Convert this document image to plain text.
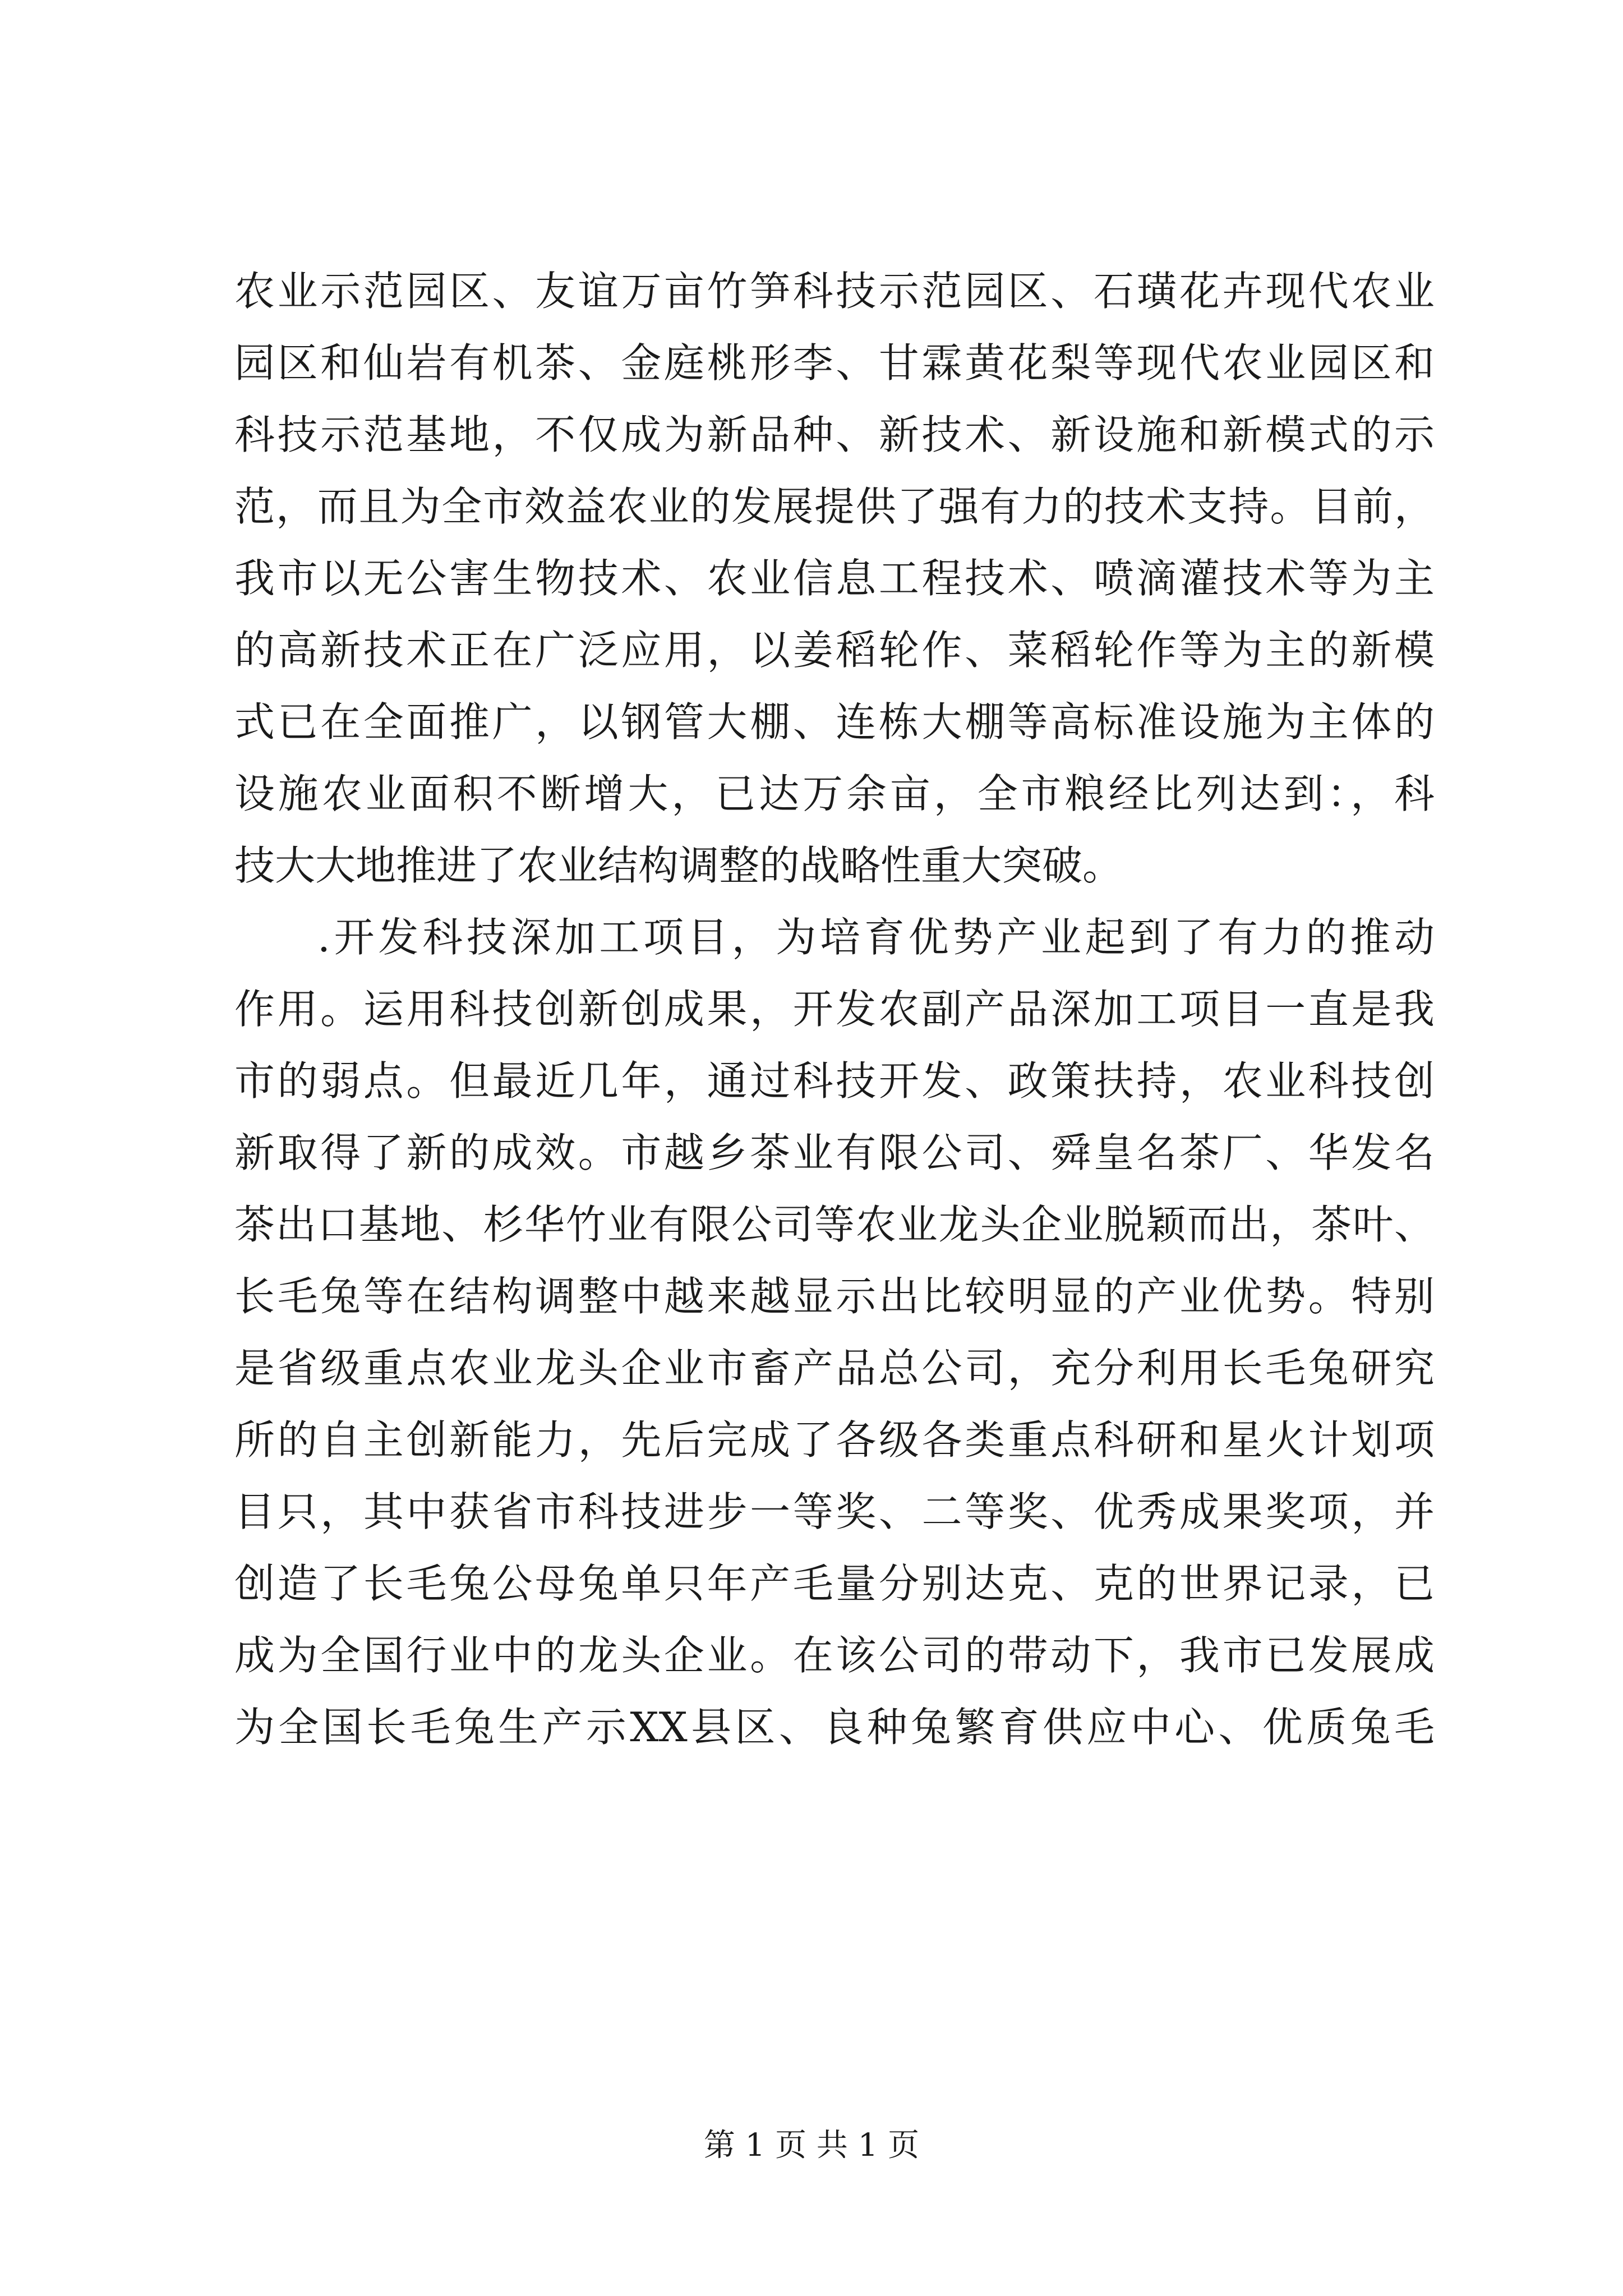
农业示范园区、友谊万亩竹笋科技示范园区、石璜花卉现代农业
园区和仙岩有机茶、金庭桃形李、甘霖黄花梨等现代农业园区和
科技示范基地，不仅成为新品种、新技术、新设施和新模式的示
范，而且为全市效益农业的发展提供了强有力的技术支持。目前，
我市以无公害生物技术、农业信息工程技术、喷滴灌技术等为主
的高新技术正在广泛应用，以姜稻轮作、菜稻轮作等为主的新模
式已在全面推广，以钢管大棚、连栋大棚等高标准设施为主体的
设施农业面积不断增大，已达万余亩，全市粮经比列达到：，科
技大大地推进了农业结构调整的战略性重大突破。
.开发科技深加工项目，为培育优势产业起到了有力的推动
作用。运用科技创新创成果，开发农副产品深加工项目一直是我
市的弱点。但最近几年，通过科技开发、政策扶持，农业科技创
新取得了新的成效。市越乡茶业有限公司、舜皇名茶厂、华发名
茶出口基地、杉华竹业有限公司等农业龙头企业脱颖而出，茶叶、
长毛兔等在结构调整中越来越显示出比较明显的产业优势。特别
是省级重点农业龙头企业市畜产品总公司，充分利用长毛兔研究
所的自主创新能力，先后完成了各级各类重点科研和星火计划项
目只，其中获省市科技进步一等奖、二等奖、优秀成果奖项，并
创造了长毛兔公母兔单只年产毛量分别达克、克的世界记录，已
成为全国行业中的龙头企业。在该公司的带动下，我市已发展成
为全国长毛兔生产示XX县区、良种兔繁育供应中心、优质兔毛
第 1 页 共 1 页
